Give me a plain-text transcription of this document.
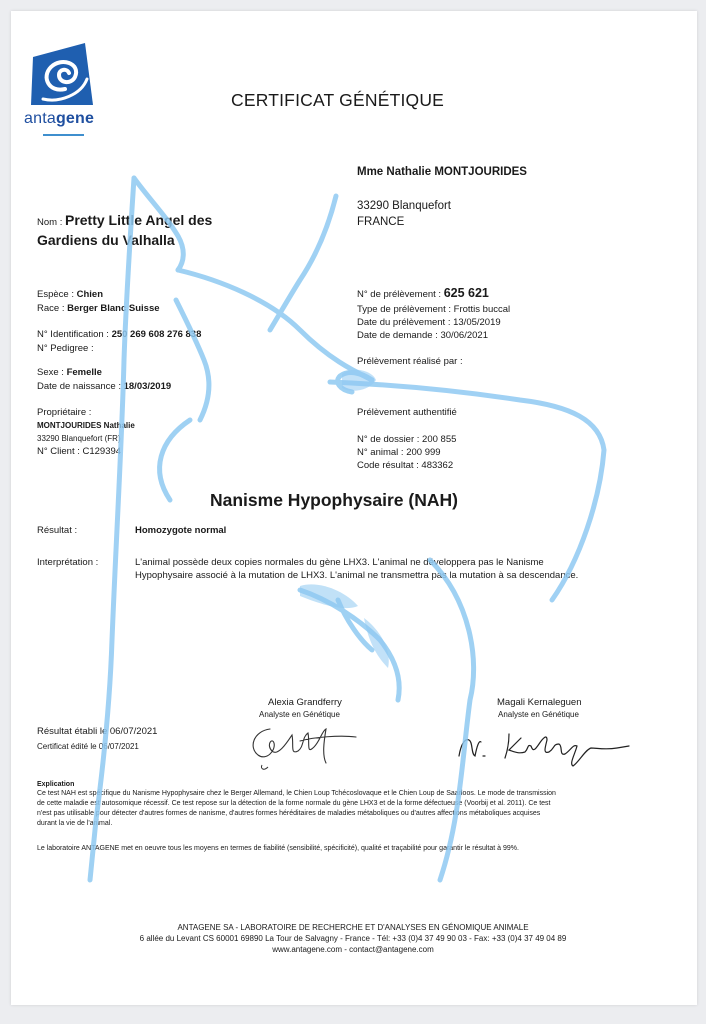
antagene
CERTIFICAT GÉNÉTIQUE
Mme Nathalie MONTJOURIDES
33290 Blanquefort
FRANCE
Nom : Pretty Little Angel des
Gardiens du Valhalla
Espèce : Chien
Race : Berger Blanc Suisse
N° Identification : 250 269 608 276 838
N° Pedigree :
Sexe : Femelle
Date de naissance : 18/03/2019
Propriétaire :
MONTJOURIDES Nathalie
33290 Blanquefort (FR)
N° Client : C129394
N° de prélèvement : 625 621
Type de prélèvement : Frottis buccal
Date du prélèvement : 13/05/2019
Date de demande : 30/06/2021
Prélèvement réalisé par :
Prélèvement authentifié
N° de dossier : 200 855
N° animal : 200 999
Code résultat : 483362
Nanisme Hypophysaire (NAH)
Résultat :	Homozygote normal
Interprétation :	L'animal possède deux copies normales du gène LHX3. L'animal ne développera pas le Nanisme
Hypophysaire associé à la mutation de LHX3. L'animal ne transmettra pas la mutation à sa descendance.
Alexia Grandferry
Analyste en Génétique
Magali Kernaleguen
Analyste en Génétique
Résultat établi le 06/07/2021
Certificat édité le 06/07/2021
Explication
Ce test NAH est spécifique du Nanisme Hypophysaire chez le Berger Allemand, le Chien Loup Tchécoslovaque et le Chien Loup de Saarloos. Le mode de transmission
de cette maladie est autosomique récessif. Ce test repose sur la détection de la forme normale du gène LHX3 et de la forme défectueuse (Voorbij et al. 2011). Ce test
n'est pas utilisable pour détecter d'autres formes de nanisme, d'autres formes héréditaires de maladies métaboliques ou d'autres affections métaboliques acquises
durant la vie de l'animal.
Le laboratoire ANTAGENE met en oeuvre tous les moyens en termes de fiabilité (sensibilité, spécificité), qualité et traçabilité pour garantir le résultat à 99%.
ANTAGENE SA - LABORATOIRE DE RECHERCHE ET D'ANALYSES EN GÉNOMIQUE ANIMALE
6 allée du Levant CS 60001 69890 La Tour de Salvagny - France - Tél: +33 (0)4 37 49 90 03 - Fax: +33 (0)4 37 49 04 89
www.antagene.com - contact@antagene.com
